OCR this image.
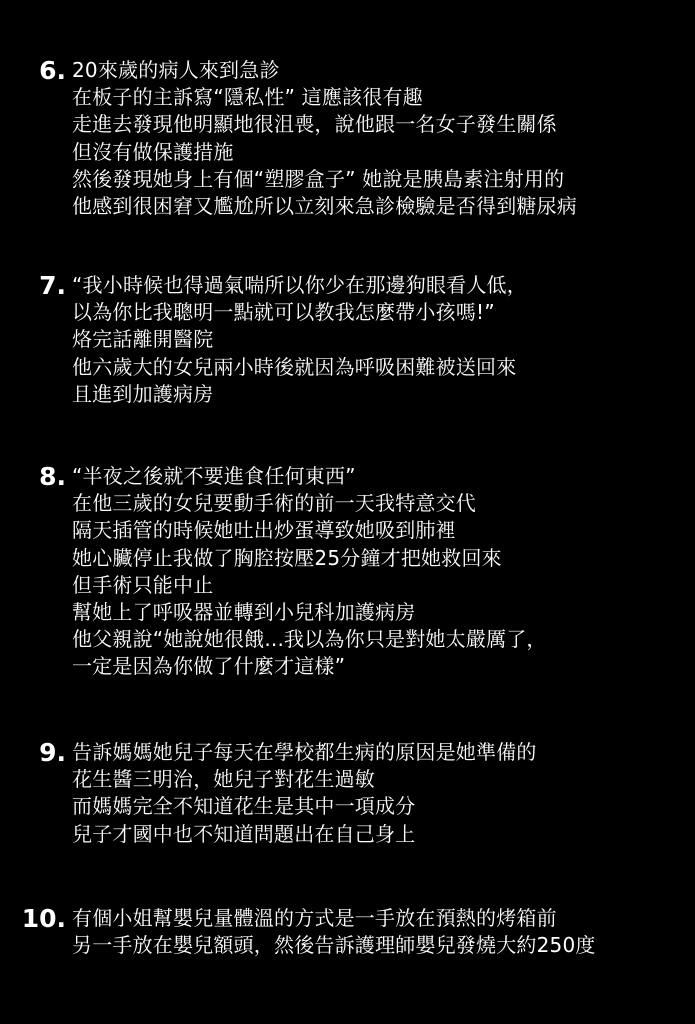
6. 20來歲的病人來到急診
在板子的主訴寫“隱私性” 這應該很有趣
走進去發現他明顯地很沮喪，說他跟一名女子發生關係
但沒有做保護措施
然後發現她身上有個“塑膠盒子” 她說是胰島素注射用的
他感到很困窘又尷尬所以立刻來急診檢驗是否得到糖尿病
7. “我小時候也得過氣喘所以你少在那邊狗眼看人低，
以為你比我聰明一點就可以教我怎麼帶小孩嗎!”
烙完話離開醫院
他六歲大的女兒兩小時後就因為呼吸困難被送回來
且進到加護病房
8. “半夜之後就不要進食任何東西”
在他三歲的女兒要動手術的前一天我特意交代
隔天插管的時候她吐出炒蛋導致她吸到肺裡
她心臟停止我做了胸腔按壓25分鐘才把她救回來
但手術只能中止
幫她上了呼吸器並轉到小兒科加護病房
他父親說“她說她很餓...我以為你只是對她太嚴厲了，
一定是因為你做了什麼才這樣”
9. 告訴媽媽她兒子每天在學校都生病的原因是她準備的
花生醬三明治，她兒子對花生過敏
而媽媽完全不知道花生是其中一項成分
兒子才國中也不知道問題出在自己身上
10. 有個小姐幫嬰兒量體溫的方式是一手放在預熱的烤箱前
另一手放在嬰兒額頭，然後告訴護理師嬰兒發燒大約250度
